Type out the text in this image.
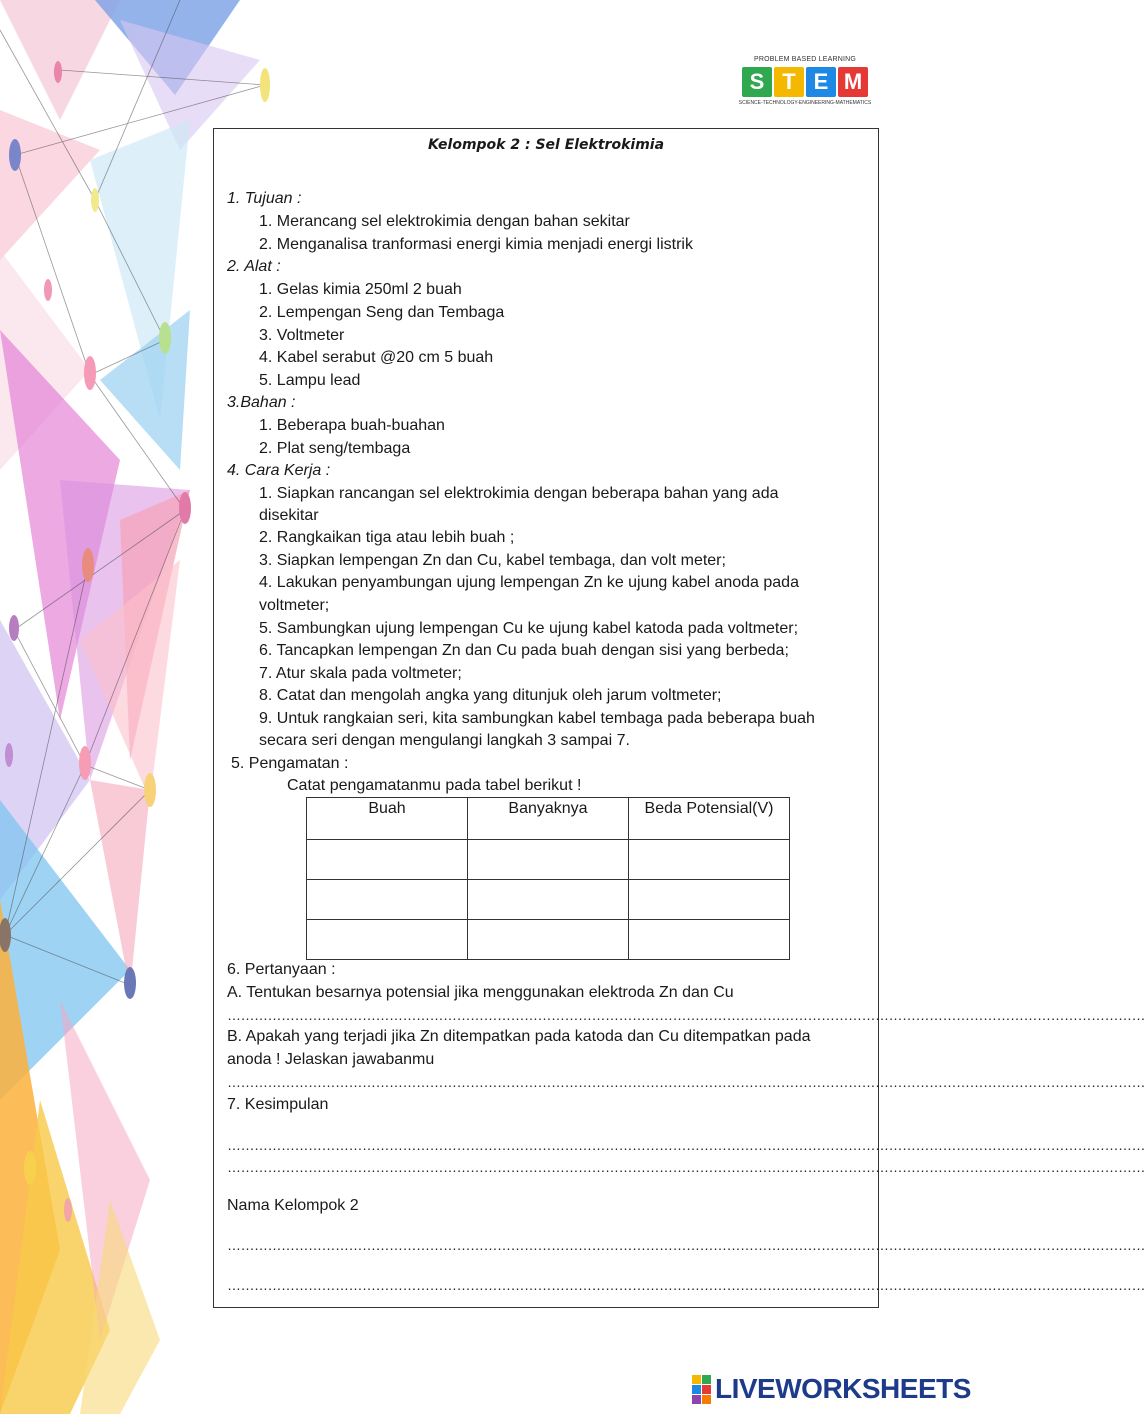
PROBLEM BASED LEARNING
S T E M
SCIENCE-TECHNOLOGY-ENGINEERING-MATHEMATICS
Kelompok 2 : Sel Elektrokimia
1. Tujuan :
1. Merancang sel elektrokimia dengan bahan sekitar
2. Menganalisa tranformasi energi kimia menjadi energi listrik
2. Alat :
1. Gelas kimia 250ml 2 buah
2. Lempengan Seng dan Tembaga
3. Voltmeter
4. Kabel serabut @20 cm 5 buah
5. Lampu lead
3.Bahan :
1. Beberapa buah-buahan
2. Plat seng/tembaga
4. Cara Kerja :
1. Siapkan rancangan sel elektrokimia dengan beberapa bahan yang ada
disekitar
2. Rangkaikan tiga atau lebih buah ;
3. Siapkan lempengan Zn dan Cu, kabel tembaga, dan volt meter;
4. Lakukan penyambungan ujung lempengan Zn ke ujung kabel anoda pada
voltmeter;
5. Sambungkan ujung lempengan Cu ke ujung kabel katoda pada voltmeter;
6. Tancapkan lempengan Zn dan Cu pada buah dengan sisi yang berbeda;
7. Atur skala pada voltmeter;
8. Catat dan mengolah angka yang ditunjuk oleh jarum voltmeter;
9. Untuk rangkaian seri, kita sambungkan kabel tembaga pada beberapa buah
secara seri dengan mengulangi langkah 3 sampai 7.
5. Pengamatan :
Catat pengamatanmu pada tabel berikut !
Buah	Banyaknya	Beda Potensial(V)

6. Pertanyaan :
A. Tentukan besarnya potensial jika menggunakan elektroda Zn dan Cu
……………………………………………………………………………………………………………………………………………………………………………………
B. Apakah yang terjadi jika Zn ditempatkan pada katoda dan Cu ditempatkan pada
anoda ! Jelaskan jawabanmu
……………………………………………………………………………………………………………………………………………………………………………………
7. Kesimpulan
……………………………………………………………………………………………………………………………………………………………………………………
……………………………………………………………………………………………………………………………………………………………………………………
Nama Kelompok 2
……………………………………………………………………………………………………………………………………………………………………………………
……………………………………………………………………………………………………………………………………………………………………………………
LIVEWORKSHEETS
